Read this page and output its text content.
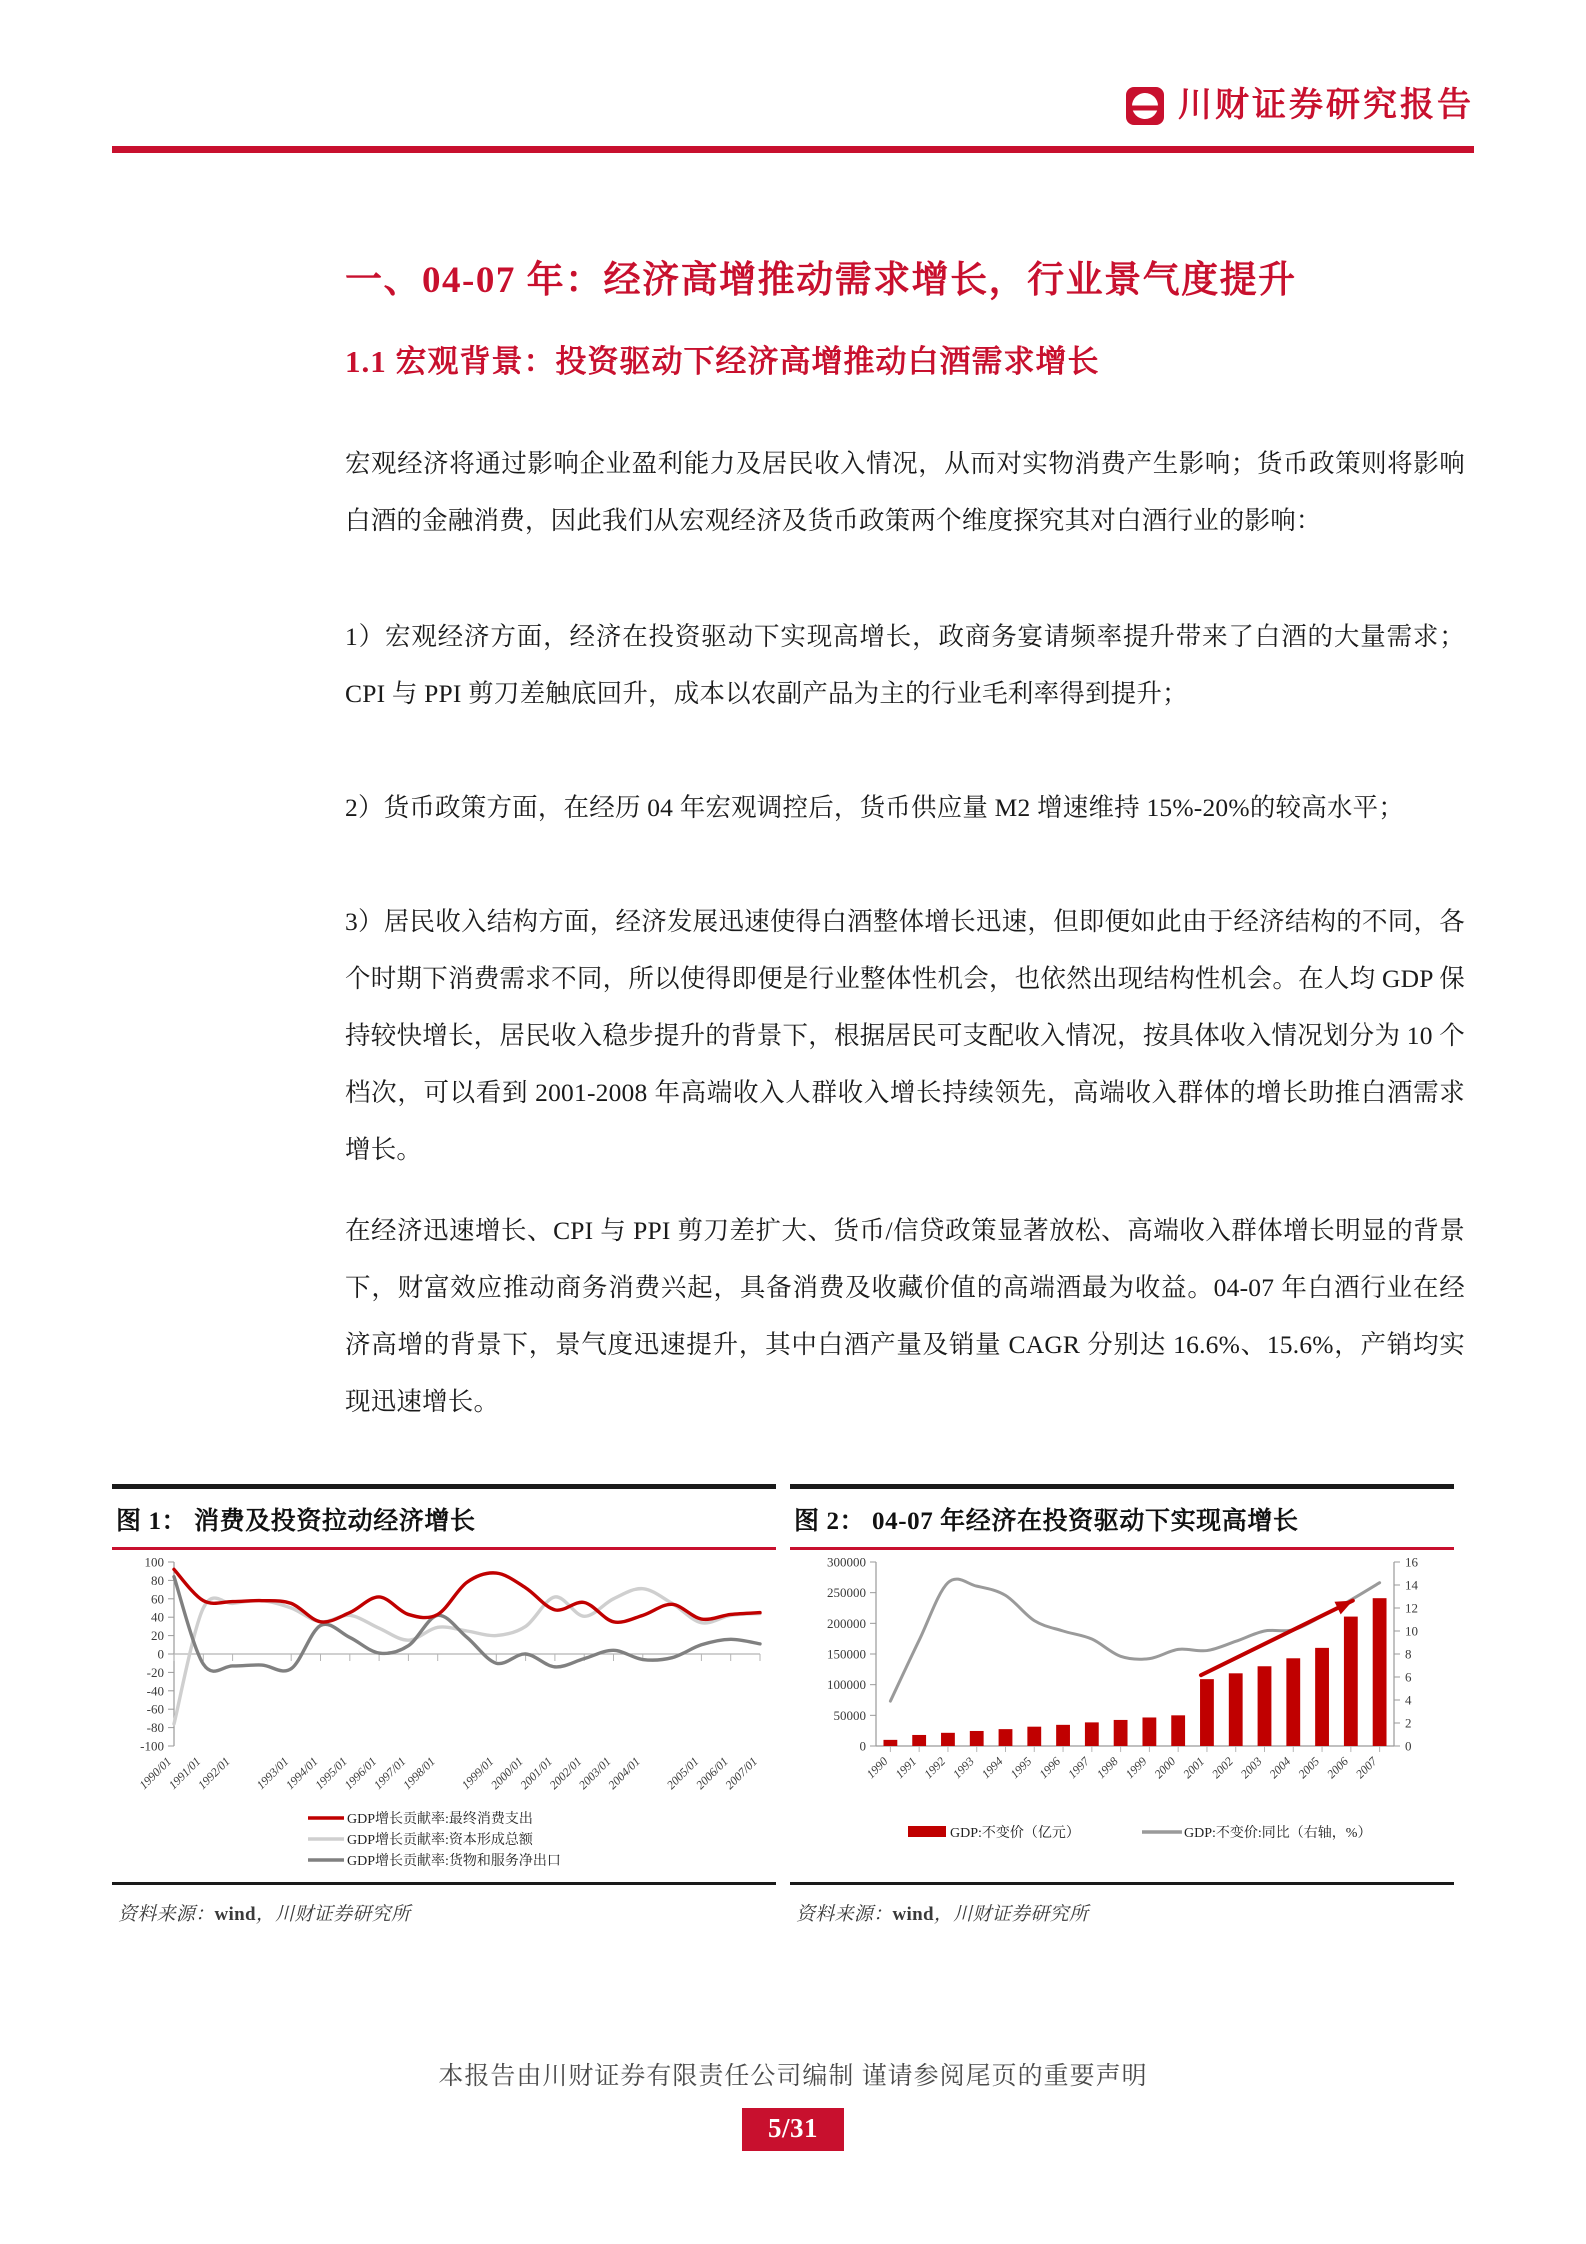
川财证券研究报告
一、04-07 年：经济高增推动需求增长，行业景气度提升
1.1 宏观背景：投资驱动下经济高增推动白酒需求增长
宏观经济将通过影响企业盈利能力及居民收入情况，从而对实物消费产生影响；货币政策则将影响白酒的金融消费，因此我们从宏观经济及货币政策两个维度探究其对白酒行业的影响：
1）宏观经济方面，经济在投资驱动下实现高增长，政商务宴请频率提升带来了白酒的大量需求；CPI 与 PPI 剪刀差触底回升，成本以农副产品为主的行业毛利率得到提升；
2）货币政策方面，在经历 04 年宏观调控后，货币供应量 M2 增速维持 15%-20%的较高水平；
3）居民收入结构方面，经济发展迅速使得白酒整体增长迅速，但即便如此由于经济结构的不同，各个时期下消费需求不同，所以使得即便是行业整体性机会，也依然出现结构性机会。在人均 GDP 保持较快增长，居民收入稳步提升的背景下，根据居民可支配收入情况，按具体收入情况划分为 10 个档次，可以看到 2001-2008 年高端收入人群收入增长持续领先，高端收入群体的增长助推白酒需求增长。
在经济迅速增长、CPI 与 PPI 剪刀差扩大、货币/信贷政策显著放松、高端收入群体增长明显的背景下，财富效应推动商务消费兴起，具备消费及收藏价值的高端酒最为收益。04-07 年白酒行业在经济高增的背景下，景气度迅速提升，其中白酒产量及销量 CAGR 分别达 16.6%、15.6%，产销均实现迅速增长。
图 1： 消费及投资拉动经济增长
-100
-80
-60
-40
-20
0
20
40
60
80
100
1990/01
1991/01
1992/01 1993/01
1994/01
1995/01
1996/01
1997/01
1998/01 1999/01
2000/01
2001/01
2002/01
2003/01
2004/01 2005/01
2006/01
2007/01
GDP增长贡献率:最终消费支出
GDP增长贡献率:资本形成总额
GDP增长贡献率:货物和服务净出口
资料来源：wind，川财证券研究所
图 2： 04-07 年经济在投资驱动下实现高增长
0
50000
100000
150000
200000
250000
300000
0
2
4
6
8
10
12
14
16
1990 1991 1992 1993 1994 1995 1996 1997 1998 1999 2000 2001 2002 2003 2004 2005 2006 2007
GDP:不变价（亿元）	GDP:不变价:同比（右轴，%）
资料来源：wind，川财证券研究所
本报告由川财证券有限责任公司编制 谨请参阅尾页的重要声明
5/31
